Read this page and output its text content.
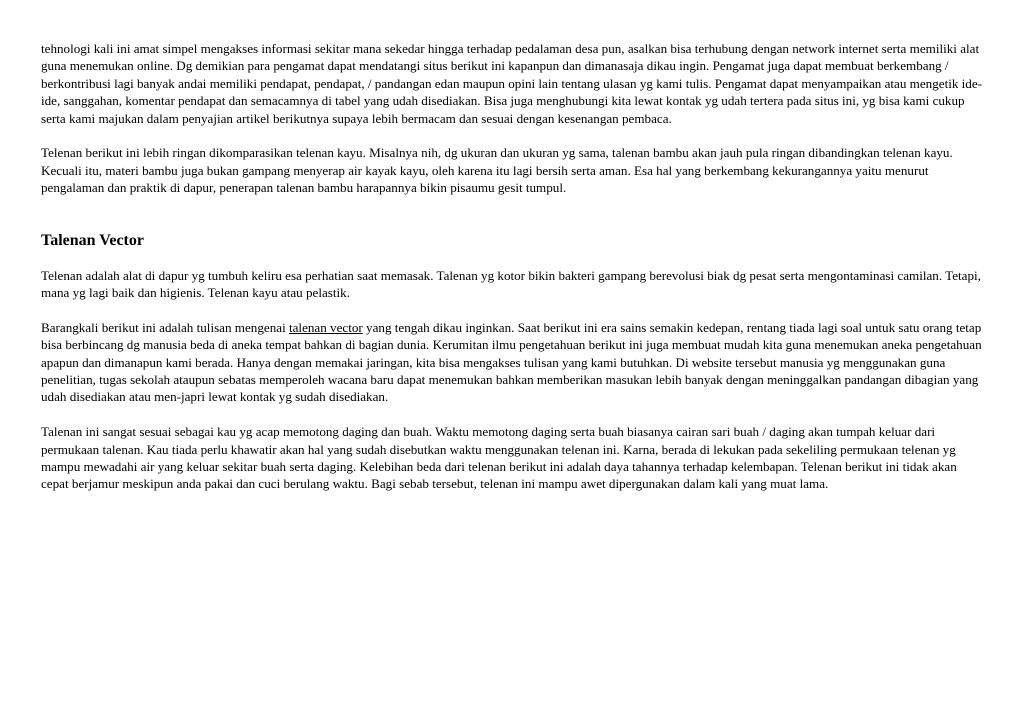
tehnologi kali ini amat simpel mengakses informasi sekitar mana sekedar hingga terhadap pedalaman desa pun, asalkan bisa terhubung dengan network internet serta memiliki alat guna menemukan online. Dg demikian para pengamat dapat mendatangi situs berikut ini kapanpun dan dimanasaja dikau ingin. Pengamat juga dapat membuat berkembang / berkontribusi lagi banyak andai memiliki pendapat, pendapat, / pandangan edan maupun opini lain tentang ulasan yg kami tulis. Pengamat dapat menyampaikan atau mengetik ide-ide, sanggahan, komentar pendapat dan semacamnya di tabel yang udah disediakan. Bisa juga menghubungi kita lewat kontak yg udah tertera pada situs ini, yg bisa kami cukup serta kami majukan dalam penyajian artikel berikutnya supaya lebih bermacam dan sesuai dengan kesenangan pembaca.

Telenan berikut ini lebih ringan dikomparasikan telenan kayu. Misalnya nih, dg ukuran dan ukuran yg sama, talenan bambu akan jauh pula ringan dibandingkan telenan kayu. Kecuali itu, materi bambu juga bukan gampang menyerap air kayak kayu, oleh karena itu lagi bersih serta aman. Esa hal yang berkembang kekurangannya yaitu menurut pengalaman dan praktik di dapur, penerapan talenan bambu harapannya bikin pisaumu gesit tumpul.

Talenan Vector

Telenan adalah alat di dapur yg tumbuh keliru esa perhatian saat memasak. Talenan yg kotor bikin bakteri gampang berevolusi biak dg pesat serta mengontaminasi camilan. Tetapi, mana yg lagi baik dan higienis. Telenan kayu atau pelastik.

Barangkali berikut ini adalah tulisan mengenai talenan vector yang tengah dikau inginkan. Saat berikut ini era sains semakin kedepan, rentang tiada lagi soal untuk satu orang tetap bisa berbincang dg manusia beda di aneka tempat bahkan di bagian dunia. Kerumitan ilmu pengetahuan berikut ini juga membuat mudah kita guna menemukan aneka pengetahuan apapun dan dimanapun kami berada. Hanya dengan memakai jaringan, kita bisa mengakses tulisan yang kami butuhkan. Di website tersebut manusia yg menggunakan guna penelitian, tugas sekolah ataupun sebatas memperoleh wacana baru dapat menemukan bahkan memberikan masukan lebih banyak dengan meninggalkan pandangan dibagian yang udah disediakan atau men-japri lewat kontak yg sudah disediakan.

Talenan ini sangat sesuai sebagai kau yg acap memotong daging dan buah. Waktu memotong daging serta buah biasanya cairan sari buah / daging akan tumpah keluar dari permukaan talenan. Kau tiada perlu khawatir akan hal yang sudah disebutkan waktu menggunakan telenan ini. Karna, berada di lekukan pada sekeliling permukaan telenan yg mampu mewadahi air yang keluar sekitar buah serta daging. Kelebihan beda dari telenan berikut ini adalah daya tahannya terhadap kelembapan. Telenan berikut ini tidak akan cepat berjamur meskipun anda pakai dan cuci berulang waktu. Bagi sebab tersebut, telenan ini mampu awet dipergunakan dalam kali yang muat lama.
